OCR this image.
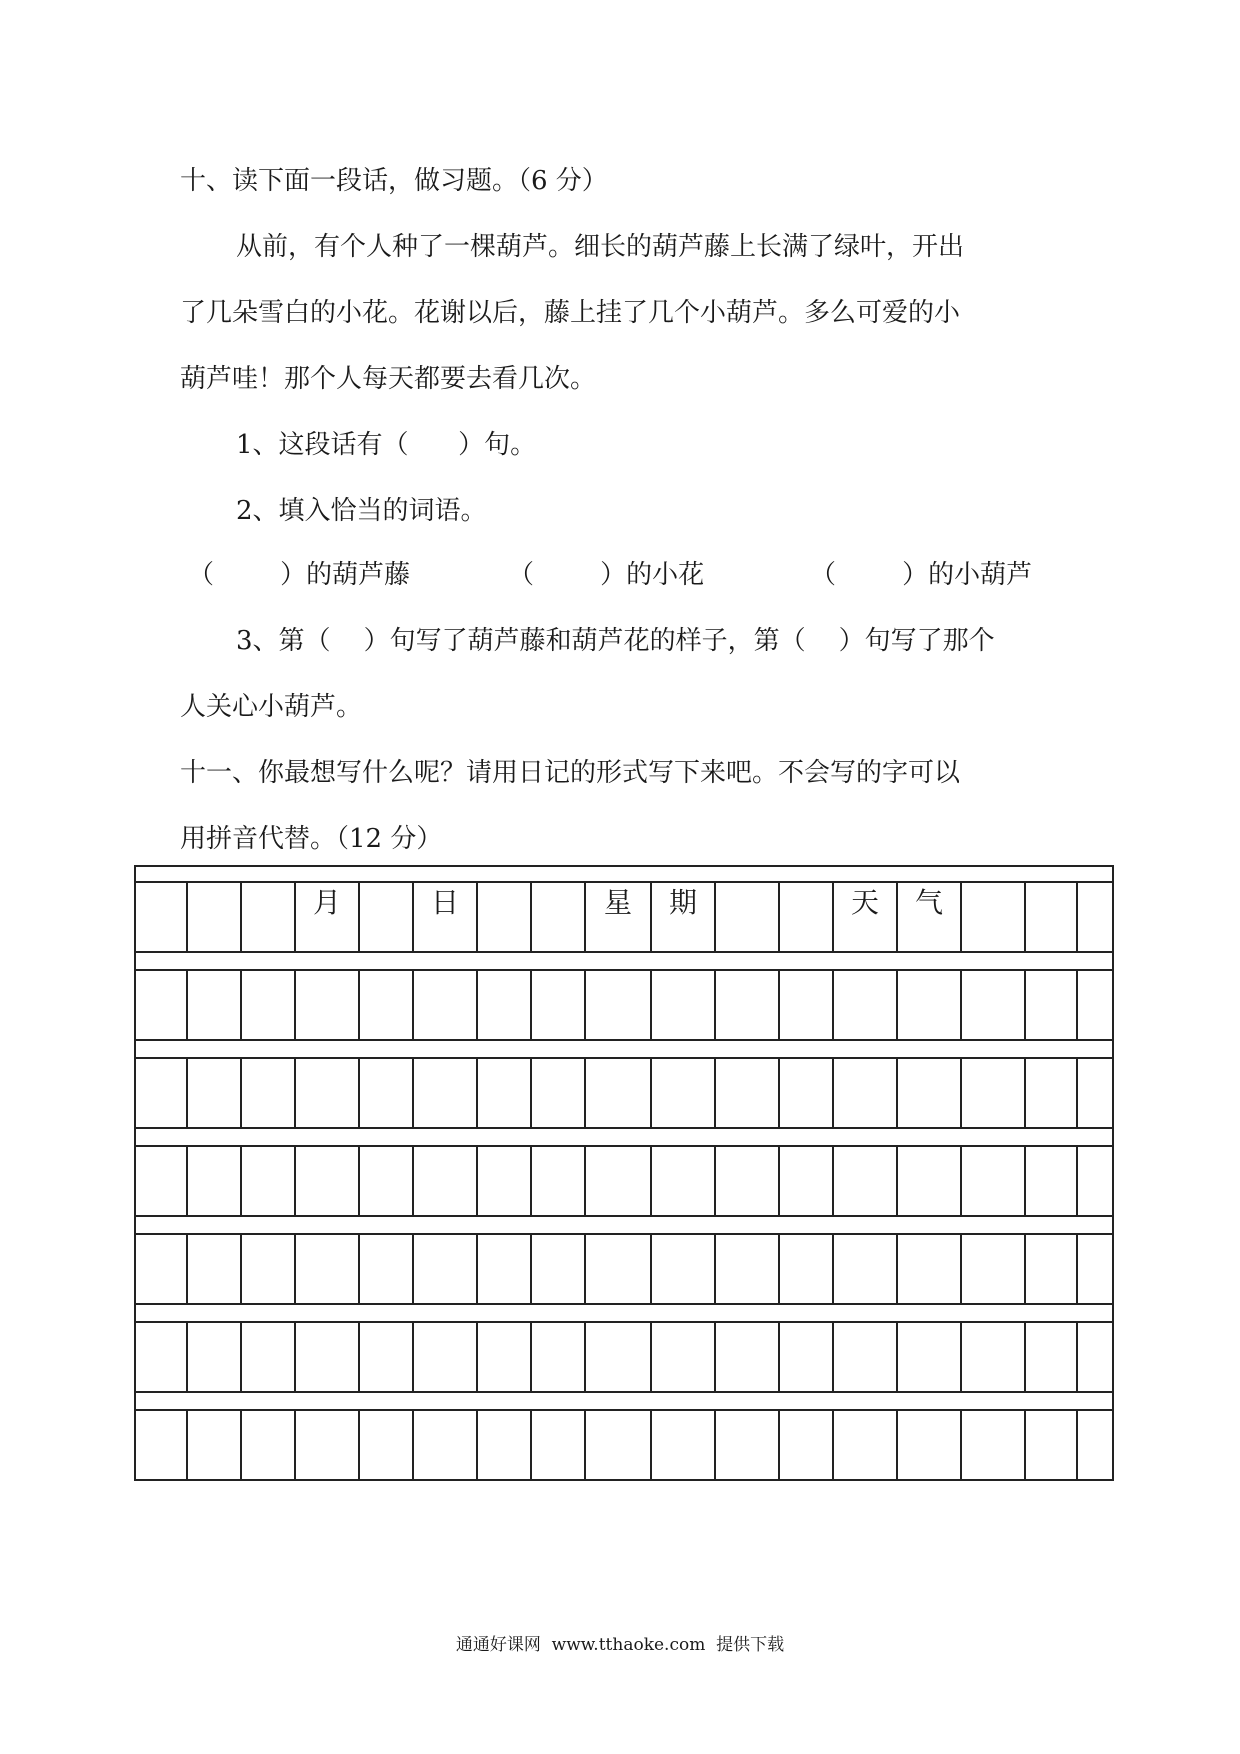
十、读下面一段话，做习题。（6 分）
从前，有个人种了一棵葫芦。细长的葫芦藤上长满了绿叶，开出
了几朵雪白的小花。花谢以后，藤上挂了几个小葫芦。多么可爱的小
葫芦哇！那个人每天都要去看几次。
1、这段话有（      ）句。
2、填入恰当的词语。
（        ）的葫芦藤	（        ）的小花	（        ）的小葫芦
3、第（    ）句写了葫芦藤和葫芦花的样子，第（    ）句写了那个
人关心小葫芦。
十一、你最想写什么呢？请用日记的形式写下来吧。不会写的字可以
用拼音代替。（12 分）
月	日	星 期	天 气
通通好课网  www.tthaoke.com  提供下载
